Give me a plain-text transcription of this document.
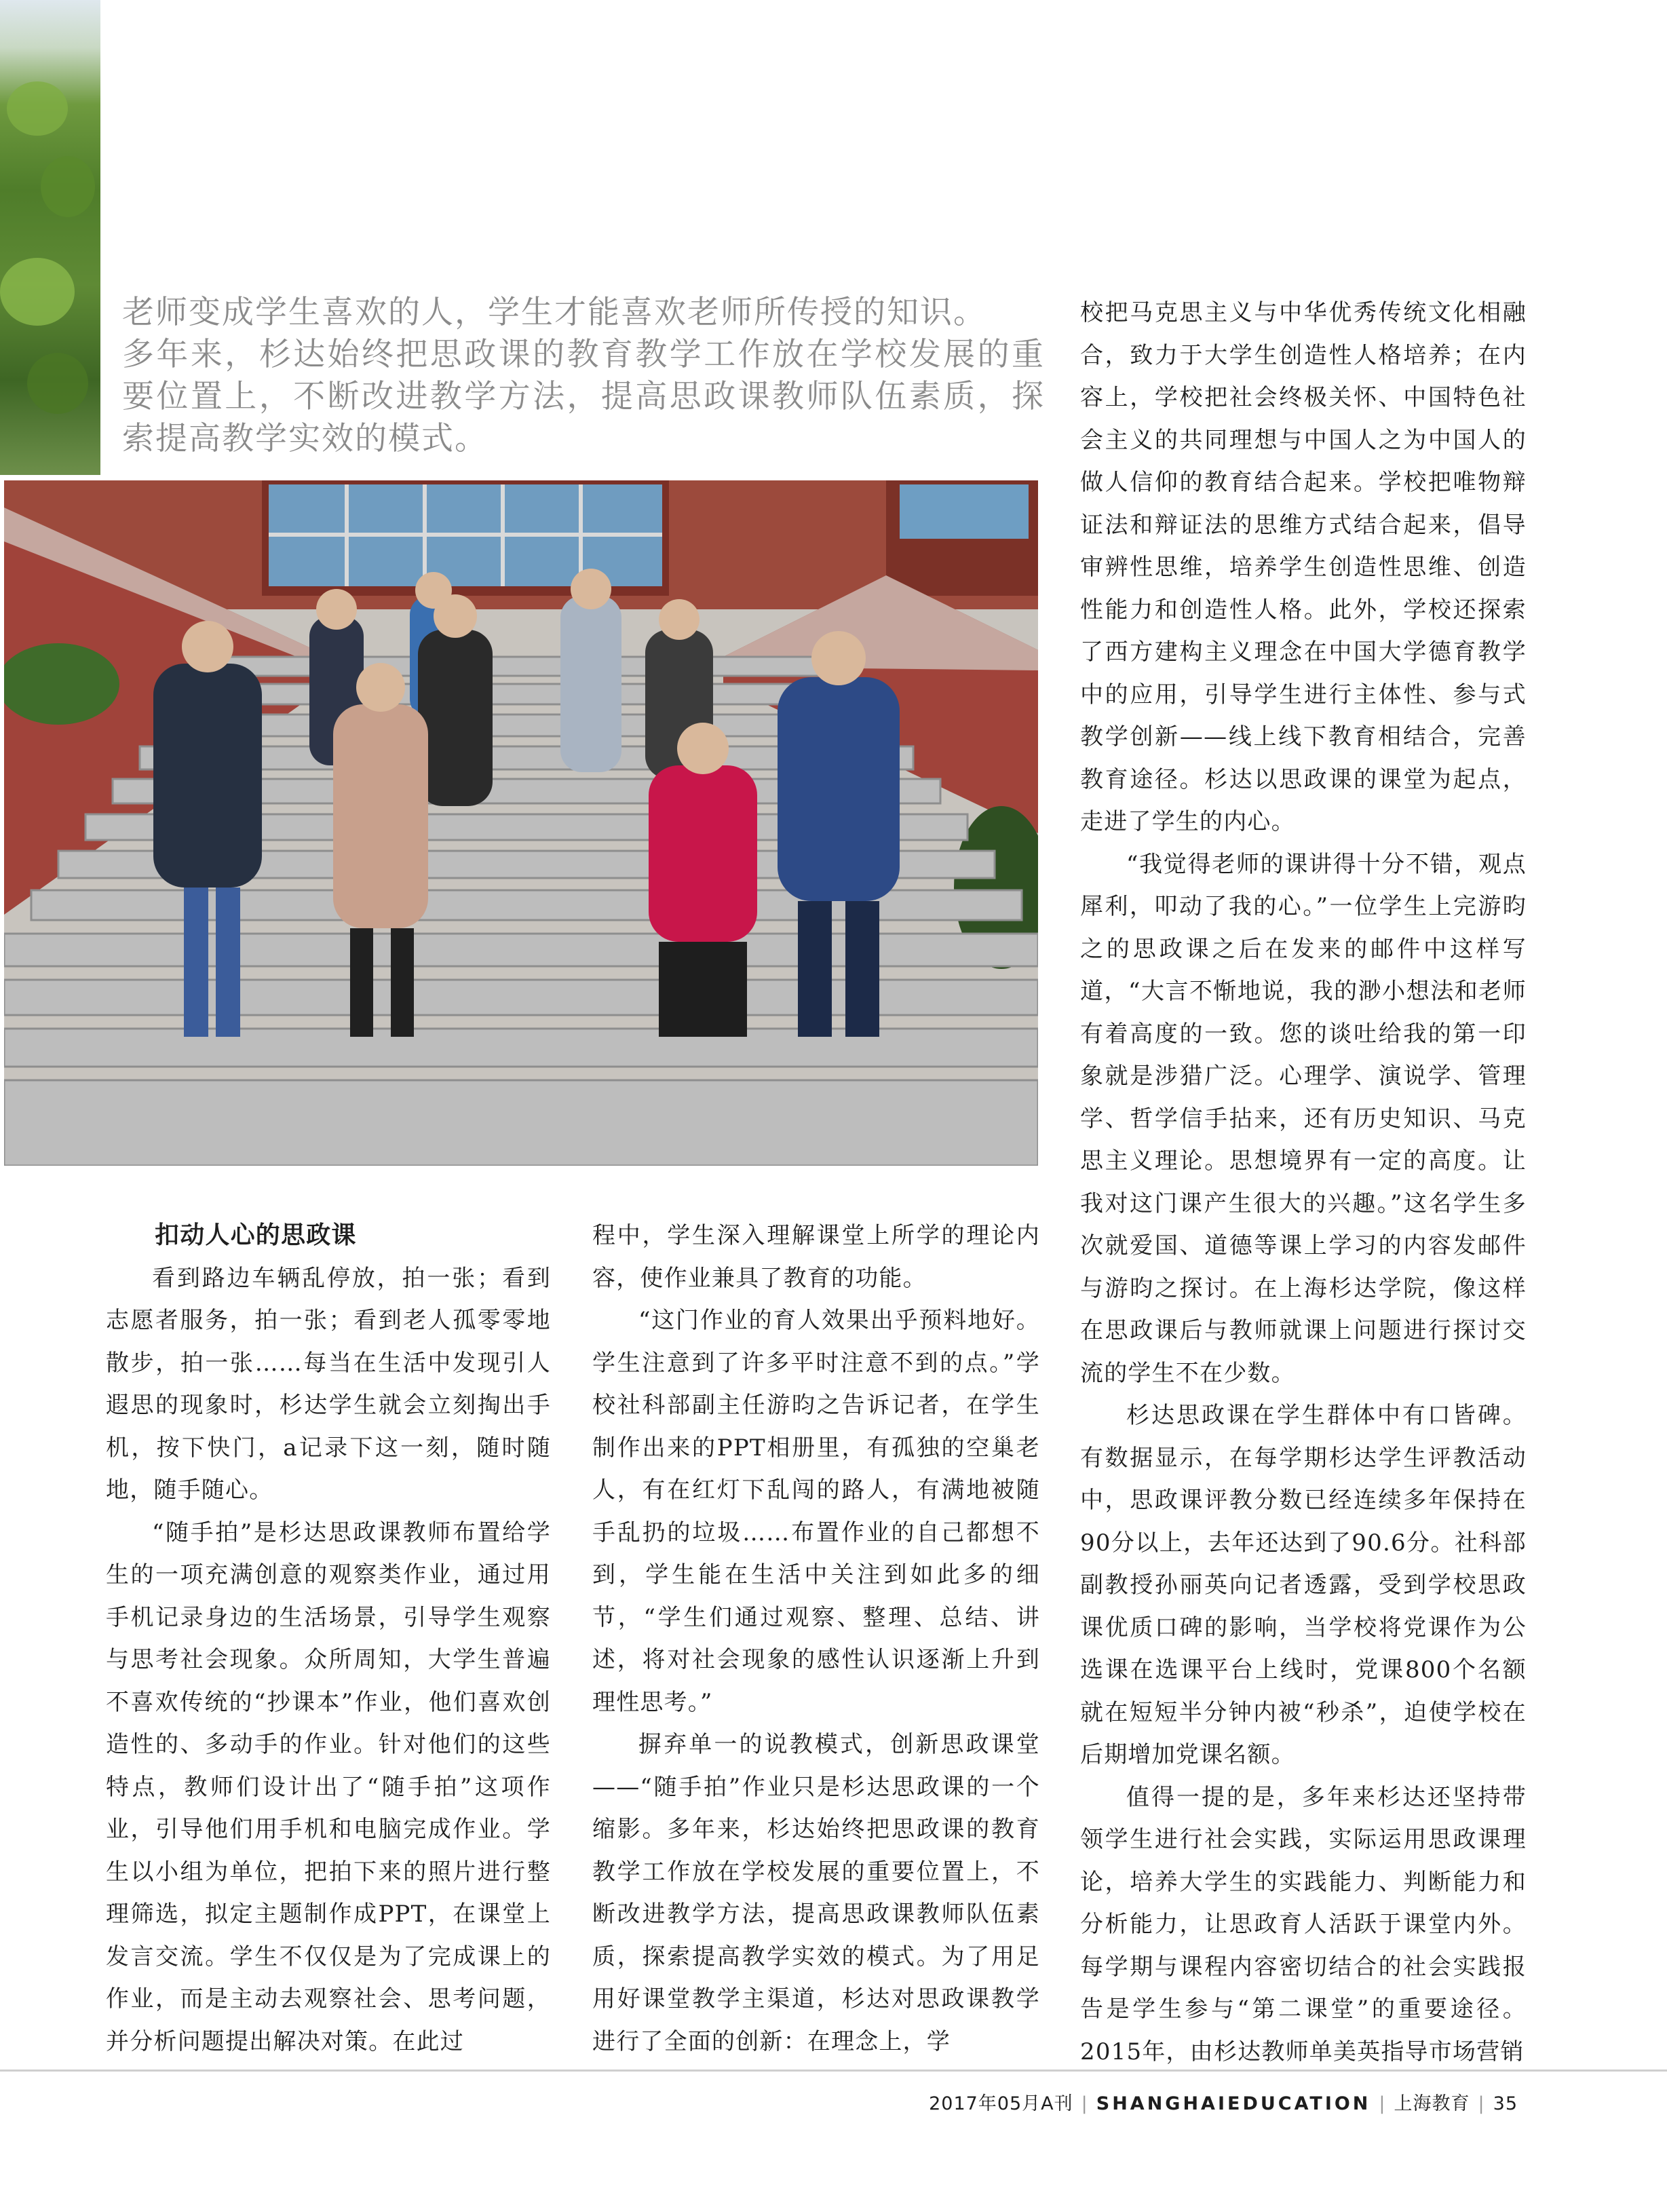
老师变成学生喜欢的人，学生才能喜欢老师所传授的知识。

多年来，杉达始终把思政课的教育教学工作放在学校发展的重要位置上，不断改进教学方法，提高思政课教师队伍素质，探索提高教学实效的模式。

扣动人心的思政课

看到路边车辆乱停放，拍一张；看到志愿者服务，拍一张；看到老人孤零零地散步，拍一张……每当在生活中发现引人遐思的现象时，杉达学生就会立刻掏出手机，按下快门，a记录下这一刻，随时随地，随手随心。

“随手拍”是杉达思政课教师布置给学生的一项充满创意的观察类作业，通过用手机记录身边的生活场景，引导学生观察与思考社会现象。众所周知，大学生普遍不喜欢传统的“抄课本”作业，他们喜欢创造性的、多动手的作业。针对他们的这些特点，教师们设计出了“随手拍”这项作业，引导他们用手机和电脑完成作业。学生以小组为单位，把拍下来的照片进行整理筛选，拟定主题制作成PPT，在课堂上发言交流。学生不仅仅是为了完成课上的作业，而是主动去观察社会、思考问题，并分析问题提出解决对策。在此过

程中，学生深入理解课堂上所学的理论内容，使作业兼具了教育的功能。

“这门作业的育人效果出乎预料地好。学生注意到了许多平时注意不到的点。”学校社科部副主任游昀之告诉记者，在学生制作出来的PPT相册里，有孤独的空巢老人，有在红灯下乱闯的路人，有满地被随手乱扔的垃圾……布置作业的自己都想不到，学生能在生活中关注到如此多的细节，“学生们通过观察、整理、总结、讲述，将对社会现象的感性认识逐渐上升到理性思考。”

摒弃单一的说教模式，创新思政课堂——“随手拍”作业只是杉达思政课的一个缩影。多年来，杉达始终把思政课的教育教学工作放在学校发展的重要位置上，不断改进教学方法，提高思政课教师队伍素质，探索提高教学实效的模式。为了用足用好课堂教学主渠道，杉达对思政课教学进行了全面的创新：在理念上，学

校把马克思主义与中华优秀传统文化相融合，致力于大学生创造性人格培养；在内容上，学校把社会终极关怀、中国特色社会主义的共同理想与中国人之为中国人的做人信仰的教育结合起来。学校把唯物辩证法和辩证法的思维方式结合起来，倡导审辨性思维，培养学生创造性思维、创造性能力和创造性人格。此外，学校还探索了西方建构主义理念在中国大学德育教学中的应用，引导学生进行主体性、参与式教学创新——线上线下教育相结合，完善教育途径。杉达以思政课的课堂为起点，走进了学生的内心。

“我觉得老师的课讲得十分不错，观点犀利，叩动了我的心。”一位学生上完游昀之的思政课之后在发来的邮件中这样写道，“大言不惭地说，我的渺小想法和老师有着高度的一致。您的谈吐给我的第一印象就是涉猎广泛。心理学、演说学、管理学、哲学信手拈来，还有历史知识、马克思主义理论。思想境界有一定的高度。让我对这门课产生很大的兴趣。”这名学生多次就爱国、道德等课上学习的内容发邮件与游昀之探讨。在上海杉达学院，像这样在思政课后与教师就课上问题进行探讨交流的学生不在少数。

杉达思政课在学生群体中有口皆碑。有数据显示，在每学期杉达学生评教活动中，思政课评教分数已经连续多年保持在90分以上，去年还达到了90.6分。社科部副教授孙丽英向记者透露，受到学校思政课优质口碑的影响，当学校将党课作为公选课在选课平台上线时，党课800个名额就在短短半分钟内被“秒杀”，迫使学校在后期增加党课名额。

值得一提的是，多年来杉达还坚持带领学生进行社会实践，实际运用思政课理论，培养大学生的实践能力、判断能力和分析能力，让思政育人活跃于课堂内外。每学期与课程内容密切结合的社会实践报告是学生参与“第二课堂”的重要途径。2015年，由杉达教师单美英指导市场营销

2017年05月A刊 | SHANGHAIEDUCATION | 上海教育 | 35
